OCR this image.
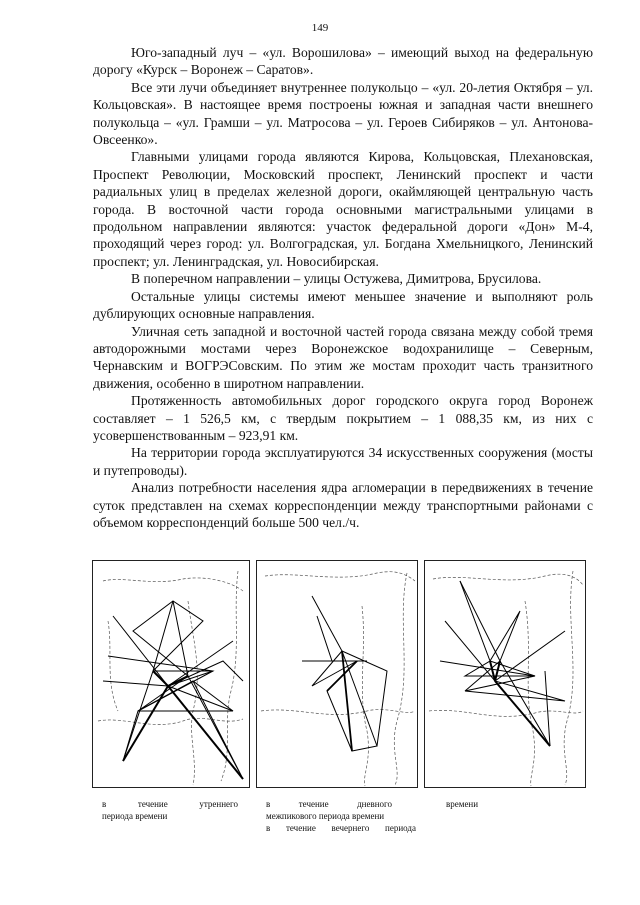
149

Юго-западный луч – «ул. Ворошилова» – имеющий выход на федеральную дорогу «Курск – Воронеж – Саратов».

Все эти лучи объединяет внутреннее полукольцо – «ул. 20-летия Октября – ул. Кольцовская». В настоящее время построены южная и западная части внешнего полукольца – «ул. Грамши – ул. Матросова – ул. Героев Сибиряков – ул. Антонова-Овсеенко».

Главными улицами города являются Кирова, Кольцовская, Плехановская, Проспект Революции, Московский проспект, Ленинский проспект и части радиальных улиц в пределах железной дороги, окаймляющей центральную часть города. В восточной части города основными магистральными улицами в продольном направлении являются: участок федеральной дороги «Дон» М-4, проходящий через город: ул. Волгоградская, ул. Богдана Хмельницкого, Ленинский проспект; ул. Ленинградская, ул. Новосибирская.

В поперечном направлении – улицы Остужева, Димитрова, Брусилова.

Остальные улицы системы имеют меньшее значение и выполняют роль дублирующих основные направления.

Уличная сеть западной и восточной частей города связана между собой тремя автодорожными мостами через Воронежское водохранилище – Северным, Чернавским и ВОГРЭСовским. По этим же мостам проходит часть транзитного движения, особенно в широтном направлении.

Протяженность автомобильных дорог городского округа город Воронеж составляет – 1 526,5 км, с твердым покрытием – 1 088,35 км, из них с усовершенствованным – 923,91 км.

На территории города эксплуатируются 34 искусственных сооружения (мосты и путепроводы).

Анализ потребности населения ядра агломерации в передвижениях в течение суток представлен на схемах корреспонденции между транспортными районами с объемом корреспонденций больше 500 чел./ч.

в течение утреннего
периода времени
в течение дневного
межпикового периода времени
в течение вечернего периода
времени
